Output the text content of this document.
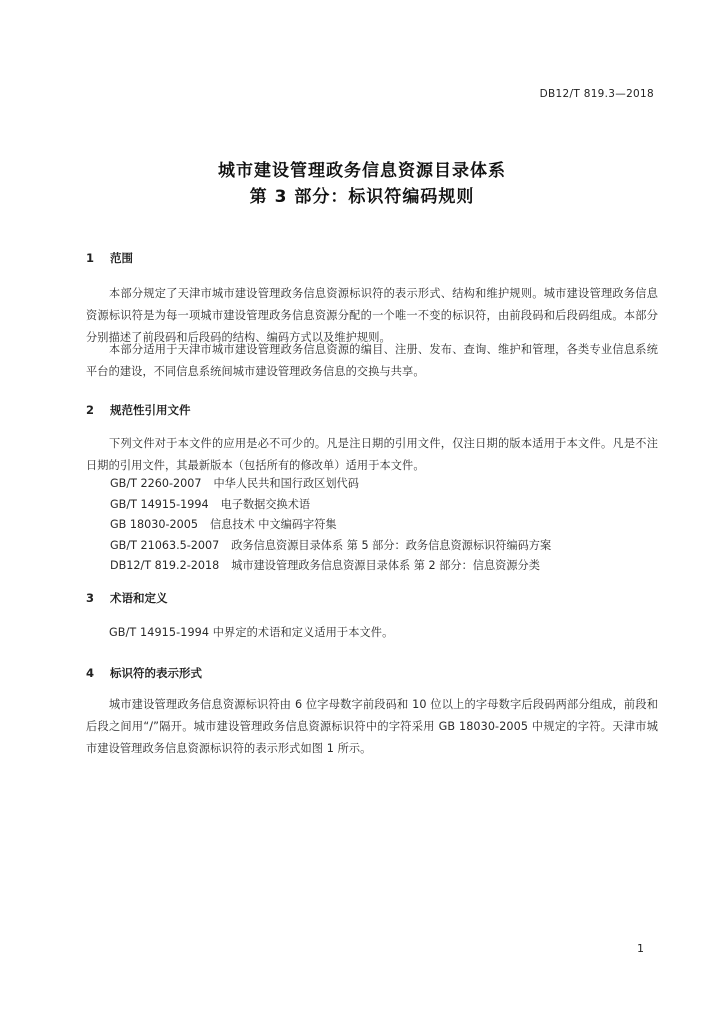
DB12/T 819.3—2018
城市建设管理政务信息资源目录体系
第 3 部分：标识符编码规则
1 范围
本部分规定了天津市城市建设管理政务信息资源标识符的表示形式、结构和维护规则。城市建设管理政务信息资源标识符是为每一项城市建设管理政务信息资源分配的一个唯一不变的标识符，由前段码和后段码组成。本部分分别描述了前段码和后段码的结构、编码方式以及维护规则。
本部分适用于天津市城市建设管理政务信息资源的编目、注册、发布、查询、维护和管理，各类专业信息系统平台的建设，不同信息系统间城市建设管理政务信息的交换与共享。
2 规范性引用文件
下列文件对于本文件的应用是必不可少的。凡是注日期的引用文件，仅注日期的版本适用于本文件。凡是不注日期的引用文件，其最新版本（包括所有的修改单）适用于本文件。
GB/T 2260-2007 中华人民共和国行政区划代码
GB/T 14915-1994 电子数据交换术语
GB 18030-2005 信息技术 中文编码字符集
GB/T 21063.5-2007 政务信息资源目录体系 第 5 部分：政务信息资源标识符编码方案
DB12/T 819.2-2018 城市建设管理政务信息资源目录体系 第 2 部分：信息资源分类
3 术语和定义
GB/T 14915-1994 中界定的术语和定义适用于本文件。
4 标识符的表示形式
城市建设管理政务信息资源标识符由 6 位字母数字前段码和 10 位以上的字母数字后段码两部分组成，前段和后段之间用“/”隔开。城市建设管理政务信息资源标识符中的字符采用 GB 18030-2005 中规定的字符。天津市城市建设管理政务信息资源标识符的表示形式如图 1 所示。
1
